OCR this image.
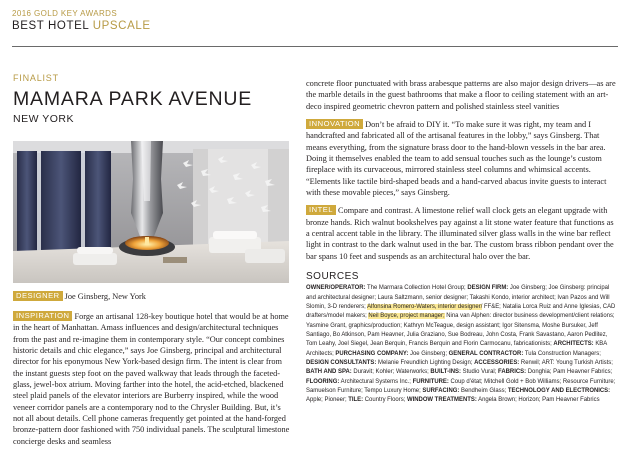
2016 GOLD KEY AWARDS
BEST HOTEL UPSCALE
FINALIST
MAMARA PARK AVENUE
NEW YORK
DESIGNER Joe Ginsberg, New York
INSPIRATION Forge an artisanal 128-key boutique hotel that would be at home in the heart of Manhattan. Amass influences and design/architectural techniques from the past and re-imagine them in contemporary style. “Our concept combines historic details and chic elegance,” says Joe Ginsberg, principal and architectural director for his eponymous New York-based design firm. The intent is clear from the instant guests step foot on the paved walkway that leads through the faceted-glass, jewel-box atrium. Moving farther into the hotel, the acid-etched, blackened steel plaid panels of the elevator interiors are Burberry inspired, while the wood veneer corridor panels are a contemporary nod to the Chrysler Building. But, it’s not all about details. Cell phone cameras frequently get pointed at the hand-forged bronze-pattern door fashioned with 750 individual panels. The sculptural limestone concierge desks and seamless
concrete floor punctuated with brass arabesque patterns are also major design drivers—as are the marble details in the guest bathrooms that make a floor to ceiling statement with an art-deco inspired geometric chevron pattern and polished stainless steel vanities
INNOVATION Don’t be afraid to DIY it. “To make sure it was right, my team and I handcrafted and fabricated all of the artisanal features in the lobby,” says Ginsberg. That means everything, from the signature brass door to the hand-blown vessels in the bar area. Doing it themselves enabled the team to add sensual touches such as the lounge’s custom fireplace with its curvaceous, mirrored stainless steel columns and whimsical accents. “Elements like tactile bird-shaped beads and a hand-carved abacus invite guests to interact with these movable pieces,” says Ginsberg.
INTEL Compare and contrast. A limestone relief wall clock gets an elegant upgrade with bronze hands. Rich walnut bookshelves pay against a lit stone water feature that functions as a central accent table in the library. The illuminated silver glass walls in the wine bar reflect light in contrast to the dark walnut used in the bar. The custom brass ribbon pendant over the bar spans 10 feet and suspends as an architectural halo over the bar.
SOURCES
OWNER/OPERATOR: The Marmara Collection Hotel Group; DESIGN FIRM: Joe Ginsberg; Joe Ginsberg: principal and architectural designer; Laura Saltzmann, senior designer; Takashi Kondo, interior architect; Ivan Pazos and Will Slomin, 3-D renderers; Alfonsina Romero-Waters, interior designer/ FF&E; Natalia Lorca Ruiz and Anne Iglesias, CAD drafters/model makers; Neil Boyce, project manager; Nina van Alphen: director business development/client relations; Yasmine Grant, graphics/production; Kathryn McTeague, design assistant; Igor Sitensma, Moshe Bursuker, Jeff Santiago, Bo Atkinson, Pam Heavner, Julia Graziano, Sue Bodreau, John Costa, Frank Savastano, Aaron Pedlitez, Tom Leahy, Joel Siegel, Jean Berquin, Francis Berquin and Florin Carmocanu, fabricationists; ARCHITECTS: KBA Architects; PURCHASING COMPANY: Joe Ginsberg; GENERAL CONTRACTOR: Tula Construction Managers; DESIGN CONSULTANTS: Melanie Freundlich Lighting Design; ACCESSORIES: Renwil; ART: Young Turkish Artists; BATH AND SPA: Duravit; Kohler; Waterworks; BUILT-INS: Studio Vural; FABRICS: Donghia; Pam Heavner Fabrics; FLOORING: Architectural Systems Inc.; FURNITURE: Coup d’état; Mitchell Gold + Bob Williams; Resource Furniture; Samuelson Furniture; Tempo Luxury Home; SURFACING: Bendheim Glass; TECHNOLOGY AND ELECTRONICS: Apple; Pioneer; TILE: Country Floors; WINDOW TREATMENTS: Angela Brown; Horizon; Pam Heavner Fabrics
